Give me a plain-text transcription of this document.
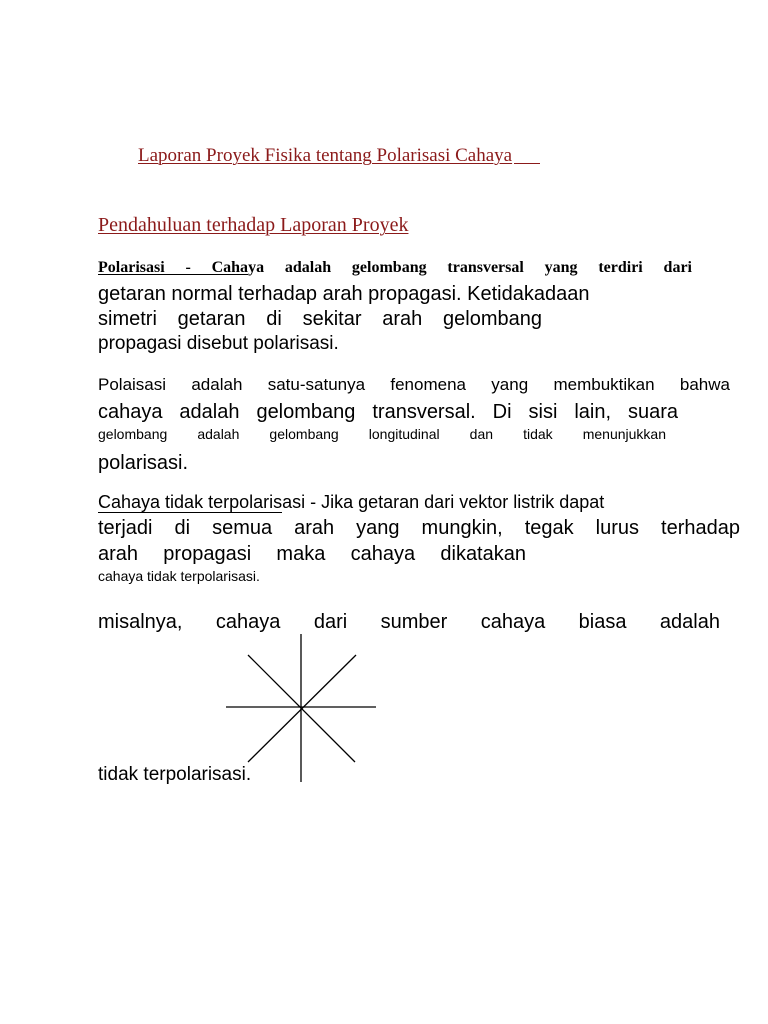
Laporan Proyek Fisika tentang Polarisasi Cahaya
Pendahuluan terhadap Laporan Proyek
Polarisasi - Cahaya adalah gelombang transversal yang terdiri dari
getaran normal terhadap arah propagasi. Ketidakadaan
simetri getaran di sekitar arah gelombang
propagasi disebut polarisasi.
Polaisasi adalah satu-satunya fenomena yang membuktikan bahwa
cahaya adalah gelombang transversal. Di sisi lain, suara
gelombang adalah gelombang longitudinal dan tidak menunjukkan
polarisasi.
Cahaya tidak terpolaris
asi - Jika getaran dari vektor listrik dapat
terjadi di semua arah yang mungkin, tegak lurus terhadap
arah propagasi maka cahaya dikatakan
cahaya tidak terpolarisasi.
misalnya, cahaya dari sumber cahaya biasa adalah
tidak terpolarisasi.
